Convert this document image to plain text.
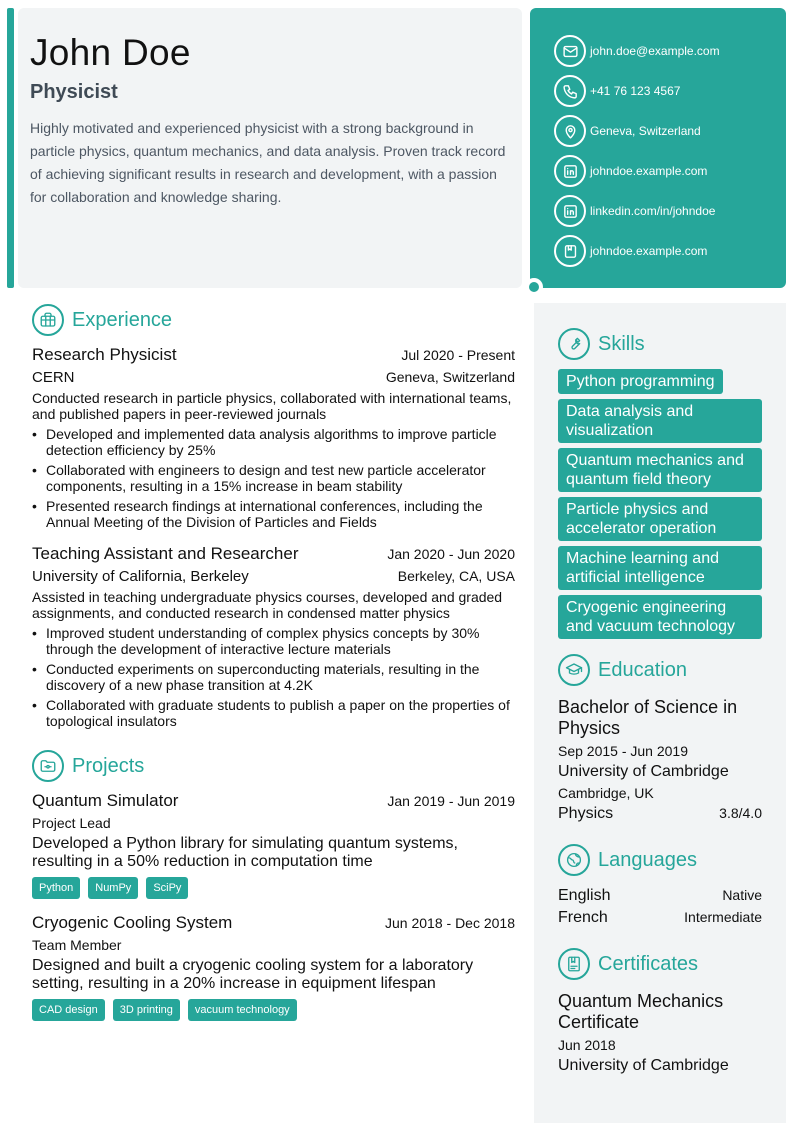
John Doe
Physicist

Highly motivated and experienced physicist with a strong background in particle physics, quantum mechanics, and data analysis. Proven track record of achieving significant results in research and development, with a passion for collaboration and knowledge sharing.

john.doe@example.com
+41 76 123 4567
Geneva, Switzerland
johndoe.example.com
linkedin.com/in/johndoe
johndoe.example.com
Experience
Research Physicist	Jul 2020 - Present
CERN	Geneva, Switzerland

Conducted research in particle physics, collaborated with international teams, and published papers in peer-reviewed journals

• Developed and implemented data analysis algorithms to improve particle detection efficiency by 25%
• Collaborated with engineers to design and test new particle accelerator components, resulting in a 15% increase in beam stability
• Presented research findings at international conferences, including the Annual Meeting of the Division of Particles and Fields
Teaching Assistant and Researcher	Jan 2020 - Jun 2020
University of California, Berkeley	Berkeley, CA, USA

Assisted in teaching undergraduate physics courses, developed and graded assignments, and conducted research in condensed matter physics

• Improved student understanding of complex physics concepts by 30% through the development of interactive lecture materials
• Conducted experiments on superconducting materials, resulting in the discovery of a new phase transition at 4.2K
• Collaborated with graduate students to publish a paper on the properties of topological insulators
Projects
Quantum Simulator	Jan 2019 - Jun 2019
Project Lead

Developed a Python library for simulating quantum systems, resulting in a 50% reduction in computation time

Python	NumPy	SciPy
Cryogenic Cooling System	Jun 2018 - Dec 2018
Team Member

Designed and built a cryogenic cooling system for a laboratory setting, resulting in a 20% increase in equipment lifespan

CAD design	3D printing	vacuum technology
Skills
Python programming
Data analysis and visualization
Quantum mechanics and quantum field theory
Particle physics and accelerator operation
Machine learning and artificial intelligence
Cryogenic engineering and vacuum technology
Education
Bachelor of Science in Physics
Sep 2015 - Jun 2019
University of Cambridge
Cambridge, UK
Physics	3.8/4.0
Languages
English	Native
French	Intermediate
Certificates
Quantum Mechanics Certificate
Jun 2018
University of Cambridge
